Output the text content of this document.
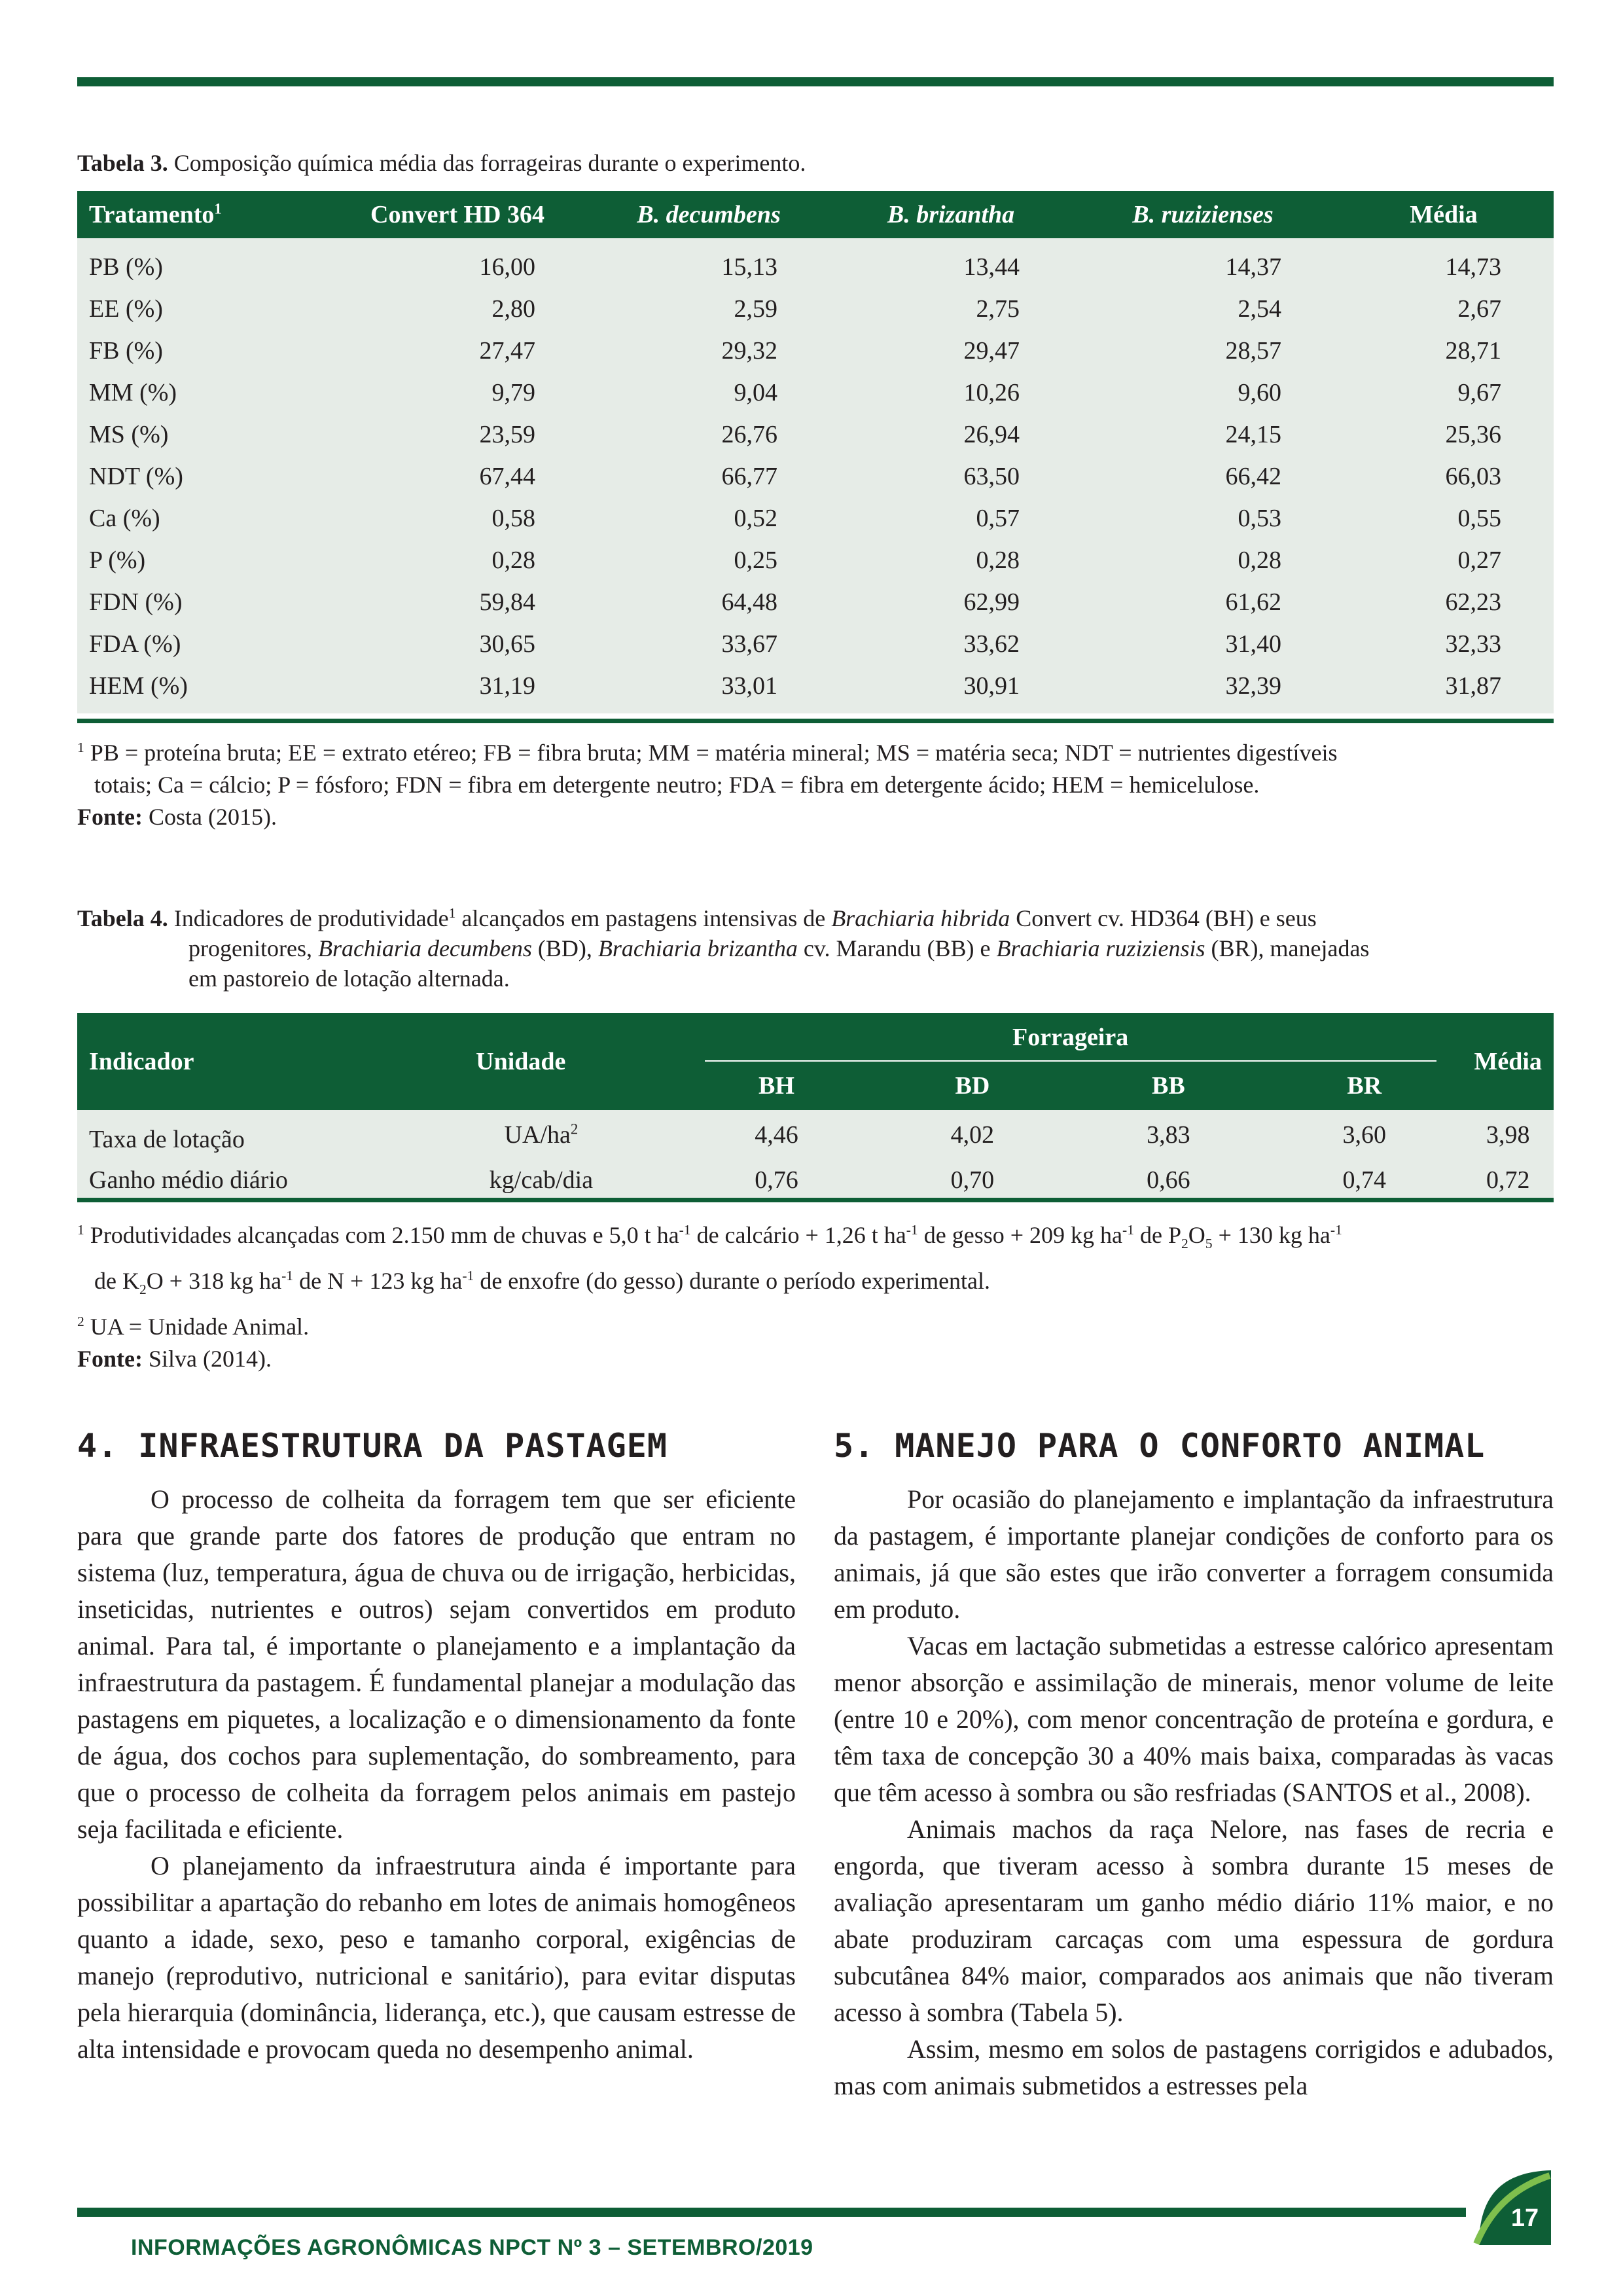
Tabela 3. Composição química média das forrageiras durante o experimento.
Tratamento$^1$	Convert HD 364	B. decumbens	B. brizantha	B. ruzizienses	Média
PB (%)	16,00	15,13	13,44	14,37	14,73
EE (%)	2,80	2,59	2,75	2,54	2,67
FB (%)	27,47	29,32	29,47	28,57	28,71
MM (%)	9,79	9,04	10,26	9,60	9,67
MS (%)	23,59	26,76	26,94	24,15	25,36
NDT (%)	67,44	66,77	63,50	66,42	66,03
Ca (%)	0,58	0,52	0,57	0,53	0,55
P (%)	0,28	0,25	0,28	0,28	0,27
FDN (%)	59,84	64,48	62,99	61,62	62,23
FDA (%)	30,65	33,67	33,62	31,40	32,33
HEM (%)	31,19	33,01	30,91	32,39	31,87
$^1$ PB = proteína bruta; EE = extrato etéreo; FB = fibra bruta; MM = matéria mineral; MS = matéria seca; NDT = nutrientes digestíveis
totais; Ca = cálcio; P = fósforo; FDN = fibra em detergente neutro; FDA = fibra em detergente ácido; HEM = hemicelulose.
Fonte: Costa (2015).
Tabela 4. Indicadores de produtividade$^1$ alcançados em pastagens intensivas de Brachiaria hibrida Convert cv. HD364 (BH) e seus
progenitores, Brachiaria decumbens (BD), Brachiaria brizantha cv. Marandu (BB) e Brachiaria ruziziensis (BR), manejadas
em pastoreio de lotação alternada.
Indicador	Unidade	Forrageira				Média
		BH	BD	BB	BR	
Taxa de lotação	$UA/ha^2$	4,46	4,02	3,83	3,60	3,98
Ganho médio diário	kg/cab/dia	0,76	0,70	0,66	0,74	0,72
$^1$ Produtividades alcançadas com 2.150 mm de chuvas e 5,0 t $ha^{-1}$ de calcário + 1,26 t $ha^{-1}$ de gesso + 209 kg $ha^{-1}$ de $P_2O_5 + 130$ kg $ha^{-1}$
de $K_2O + 318$ kg $ha^{-1}$ de N + 123 kg $ha^{-1}$ de enxofre (do gesso) durante o período experimental.
$^2$ UA = Unidade Animal.
Fonte: Silva (2014).
4. INFRAESTRUTURA DA PASTAGEM

O processo de colheita da forragem tem que ser eficiente para que grande parte dos fatores de produção que entram no sistema (luz, temperatura, água de chuva ou de irrigação, herbicidas, inseticidas, nutrientes e outros) sejam convertidos em produto animal. Para tal, é importante o planejamento e a implantação da infraestrutura da pastagem. É fundamental planejar a modulação das pastagens em piquetes, a localização e o dimensionamento da fonte de água, dos cochos para suplementação, do sombreamento, para que o processo de colheita da forragem pelos animais em pastejo seja facilitada e eficiente.

O planejamento da infraestrutura ainda é importante para possibilitar a apartação do rebanho em lotes de animais homogêneos quanto a idade, sexo, peso e tamanho corporal, exigências de manejo (reprodutivo, nutricional e sanitário), para evitar disputas pela hierarquia (dominância, liderança, etc.), que causam estresse de alta intensidade e provocam queda no desempenho animal.

5. MANEJO PARA O CONFORTO ANIMAL

Por ocasião do planejamento e implantação da infraestrutura da pastagem, é importante planejar condições de conforto para os animais, já que são estes que irão converter a forragem consumida em produto.

Vacas em lactação submetidas a estresse calórico apresentam menor absorção e assimilação de minerais, menor volume de leite (entre 10 e 20%), com menor concentração de proteína e gordura, e têm taxa de concepção 30 a 40% mais baixa, comparadas às vacas que têm acesso à sombra ou são resfriadas (SANTOS et al., 2008).

Animais machos da raça Nelore, nas fases de recria e engorda, que tiveram acesso à sombra durante 15 meses de avaliação apresentaram um ganho médio diário 11% maior, e no abate produziram carcaças com uma espessura de gordura subcutânea 84% maior, comparados aos animais que não tiveram acesso à sombra (Tabela 5).

Assim, mesmo em solos de pastagens corrigidos e adubados, mas com animais submetidos a estresses pela

17
INFORMAÇÕES AGRONÔMICAS NPCT Nº 3 – SETEMBRO/2019
